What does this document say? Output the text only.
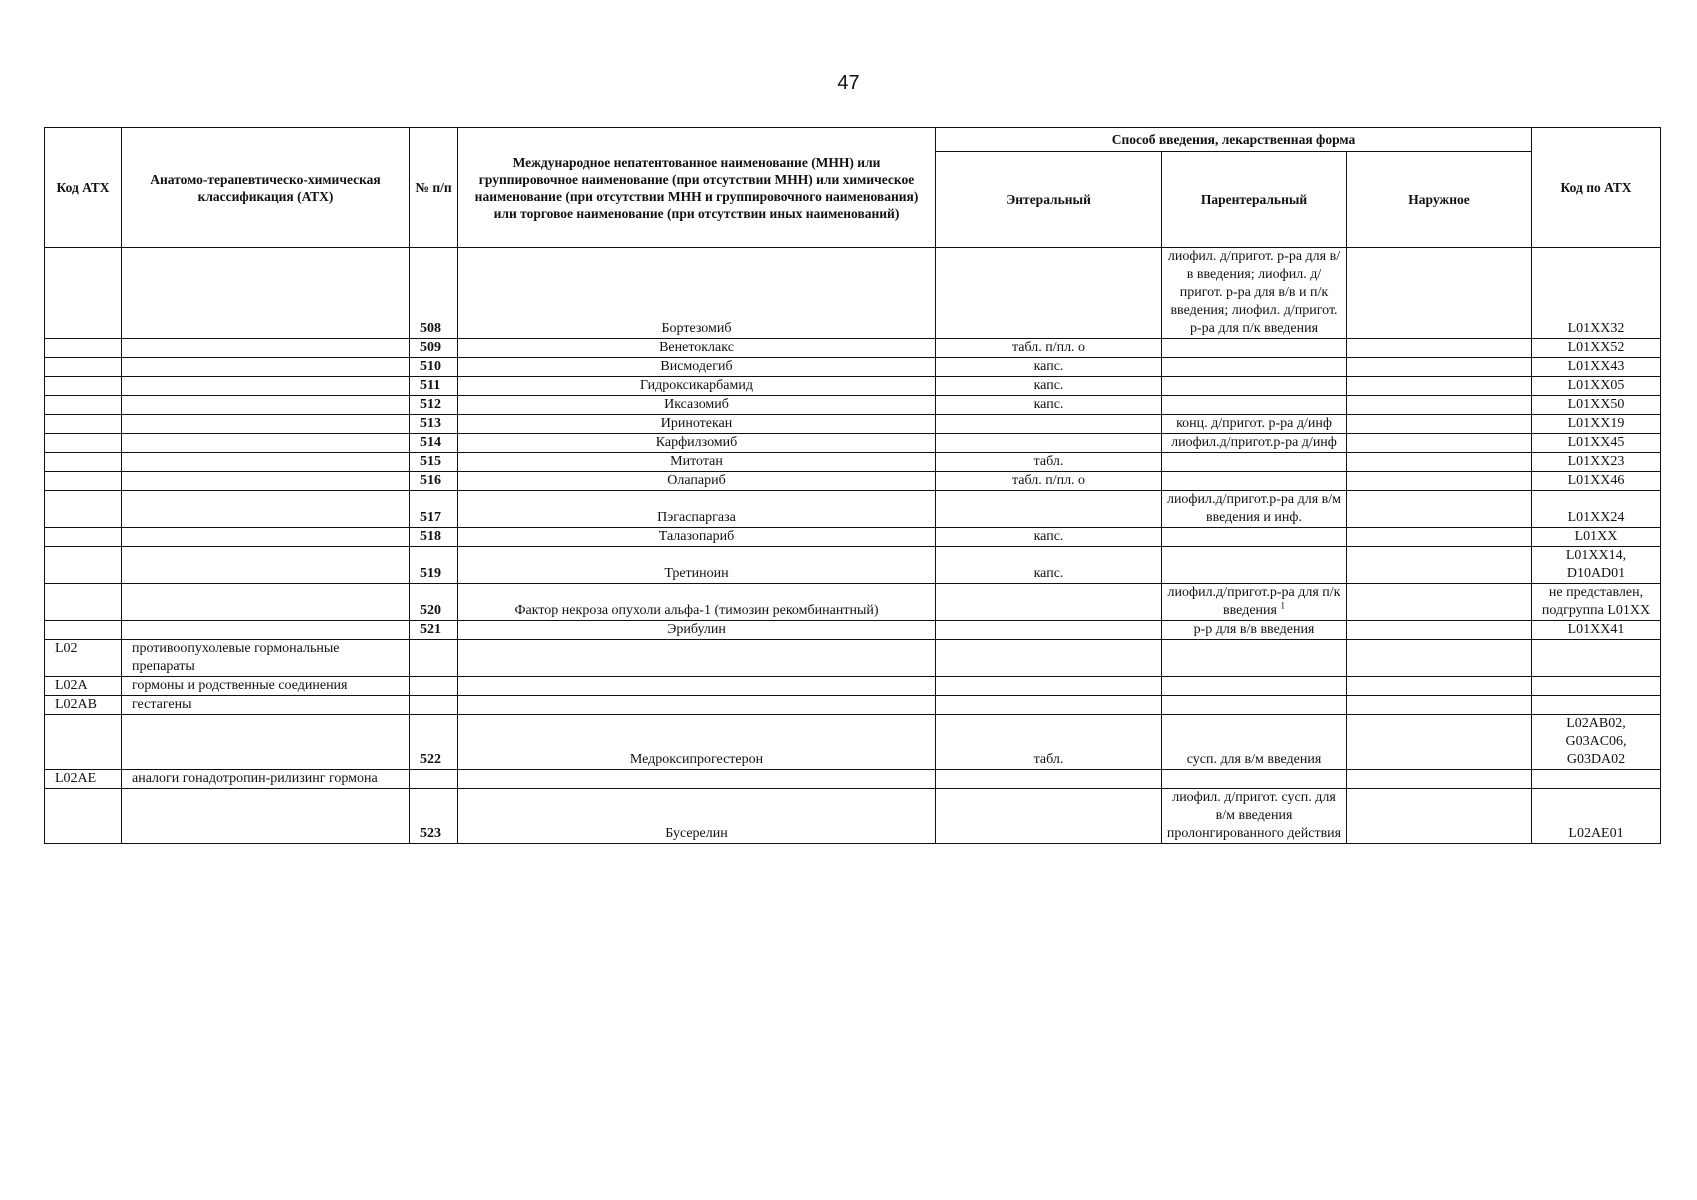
47
Код АТХ	Анатомо-терапевтическо-химическая классификация (АТХ)	№ п/п	Международное непатентованное наименование (МНН) или группировочное наименование (при отсутствии МНН) или химическое наименование (при отсутствии МНН и группировочного наименования) или торговое наименование (при отсутствии иных наименований)	Способ введения, лекарственная форма			Код по АТХ
				Энтеральный	Парентеральный	Наружное	
		508	Бортезомиб		лиофил. д/пригот. р-ра для в/в введения; лиофил. д/пригот. р-ра для в/в и п/к введения; лиофил. д/пригот. р-ра для п/к введения		L01XX32
		509	Венетоклакс	табл. п/пл. о			L01XX52
		510	Висмодегиб	капс.			L01XX43
		511	Гидроксикарбамид	капс.			L01XX05
		512	Иксазомиб	капс.			L01XX50
		513	Иринотекан		конц. д/пригот. р-ра д/инф		L01XX19
		514	Карфилзомиб		лиофил.д/пригот.р-ра д/инф		L01XX45
		515	Митотан	табл.			L01XX23
		516	Олапариб	табл. п/пл. о			L01XX46
		517	Пэгаспаргаза		лиофил.д/пригот.р-ра для в/м введения и инф.		L01XX24
		518	Талазопариб	капс.			L01XX
		519	Третиноин	капс.			L01XX14, D10AD01
		520	Фактор некроза опухоли альфа-1 (тимозин рекомбинантный)		лиофил.д/пригот.р-ра для п/к введения $^1$		не представлен, подгруппа L01XX
		521	Эрибулин		р-р для в/в введения		L01XX41
L02	противоопухолевые гормональные препараты						
L02A	гормоны и родственные соединения						
L02AB	гестагены						
		522	Медроксипрогестерон	табл.	сусп. для в/м введения		L02AB02, G03AC06, G03DA02
L02AE	аналоги гонадотропин-рилизинг гормона						
		523	Бусерелин		лиофил. д/пригот. сусп. для в/м введения пролонгированного действия		L02AE01
